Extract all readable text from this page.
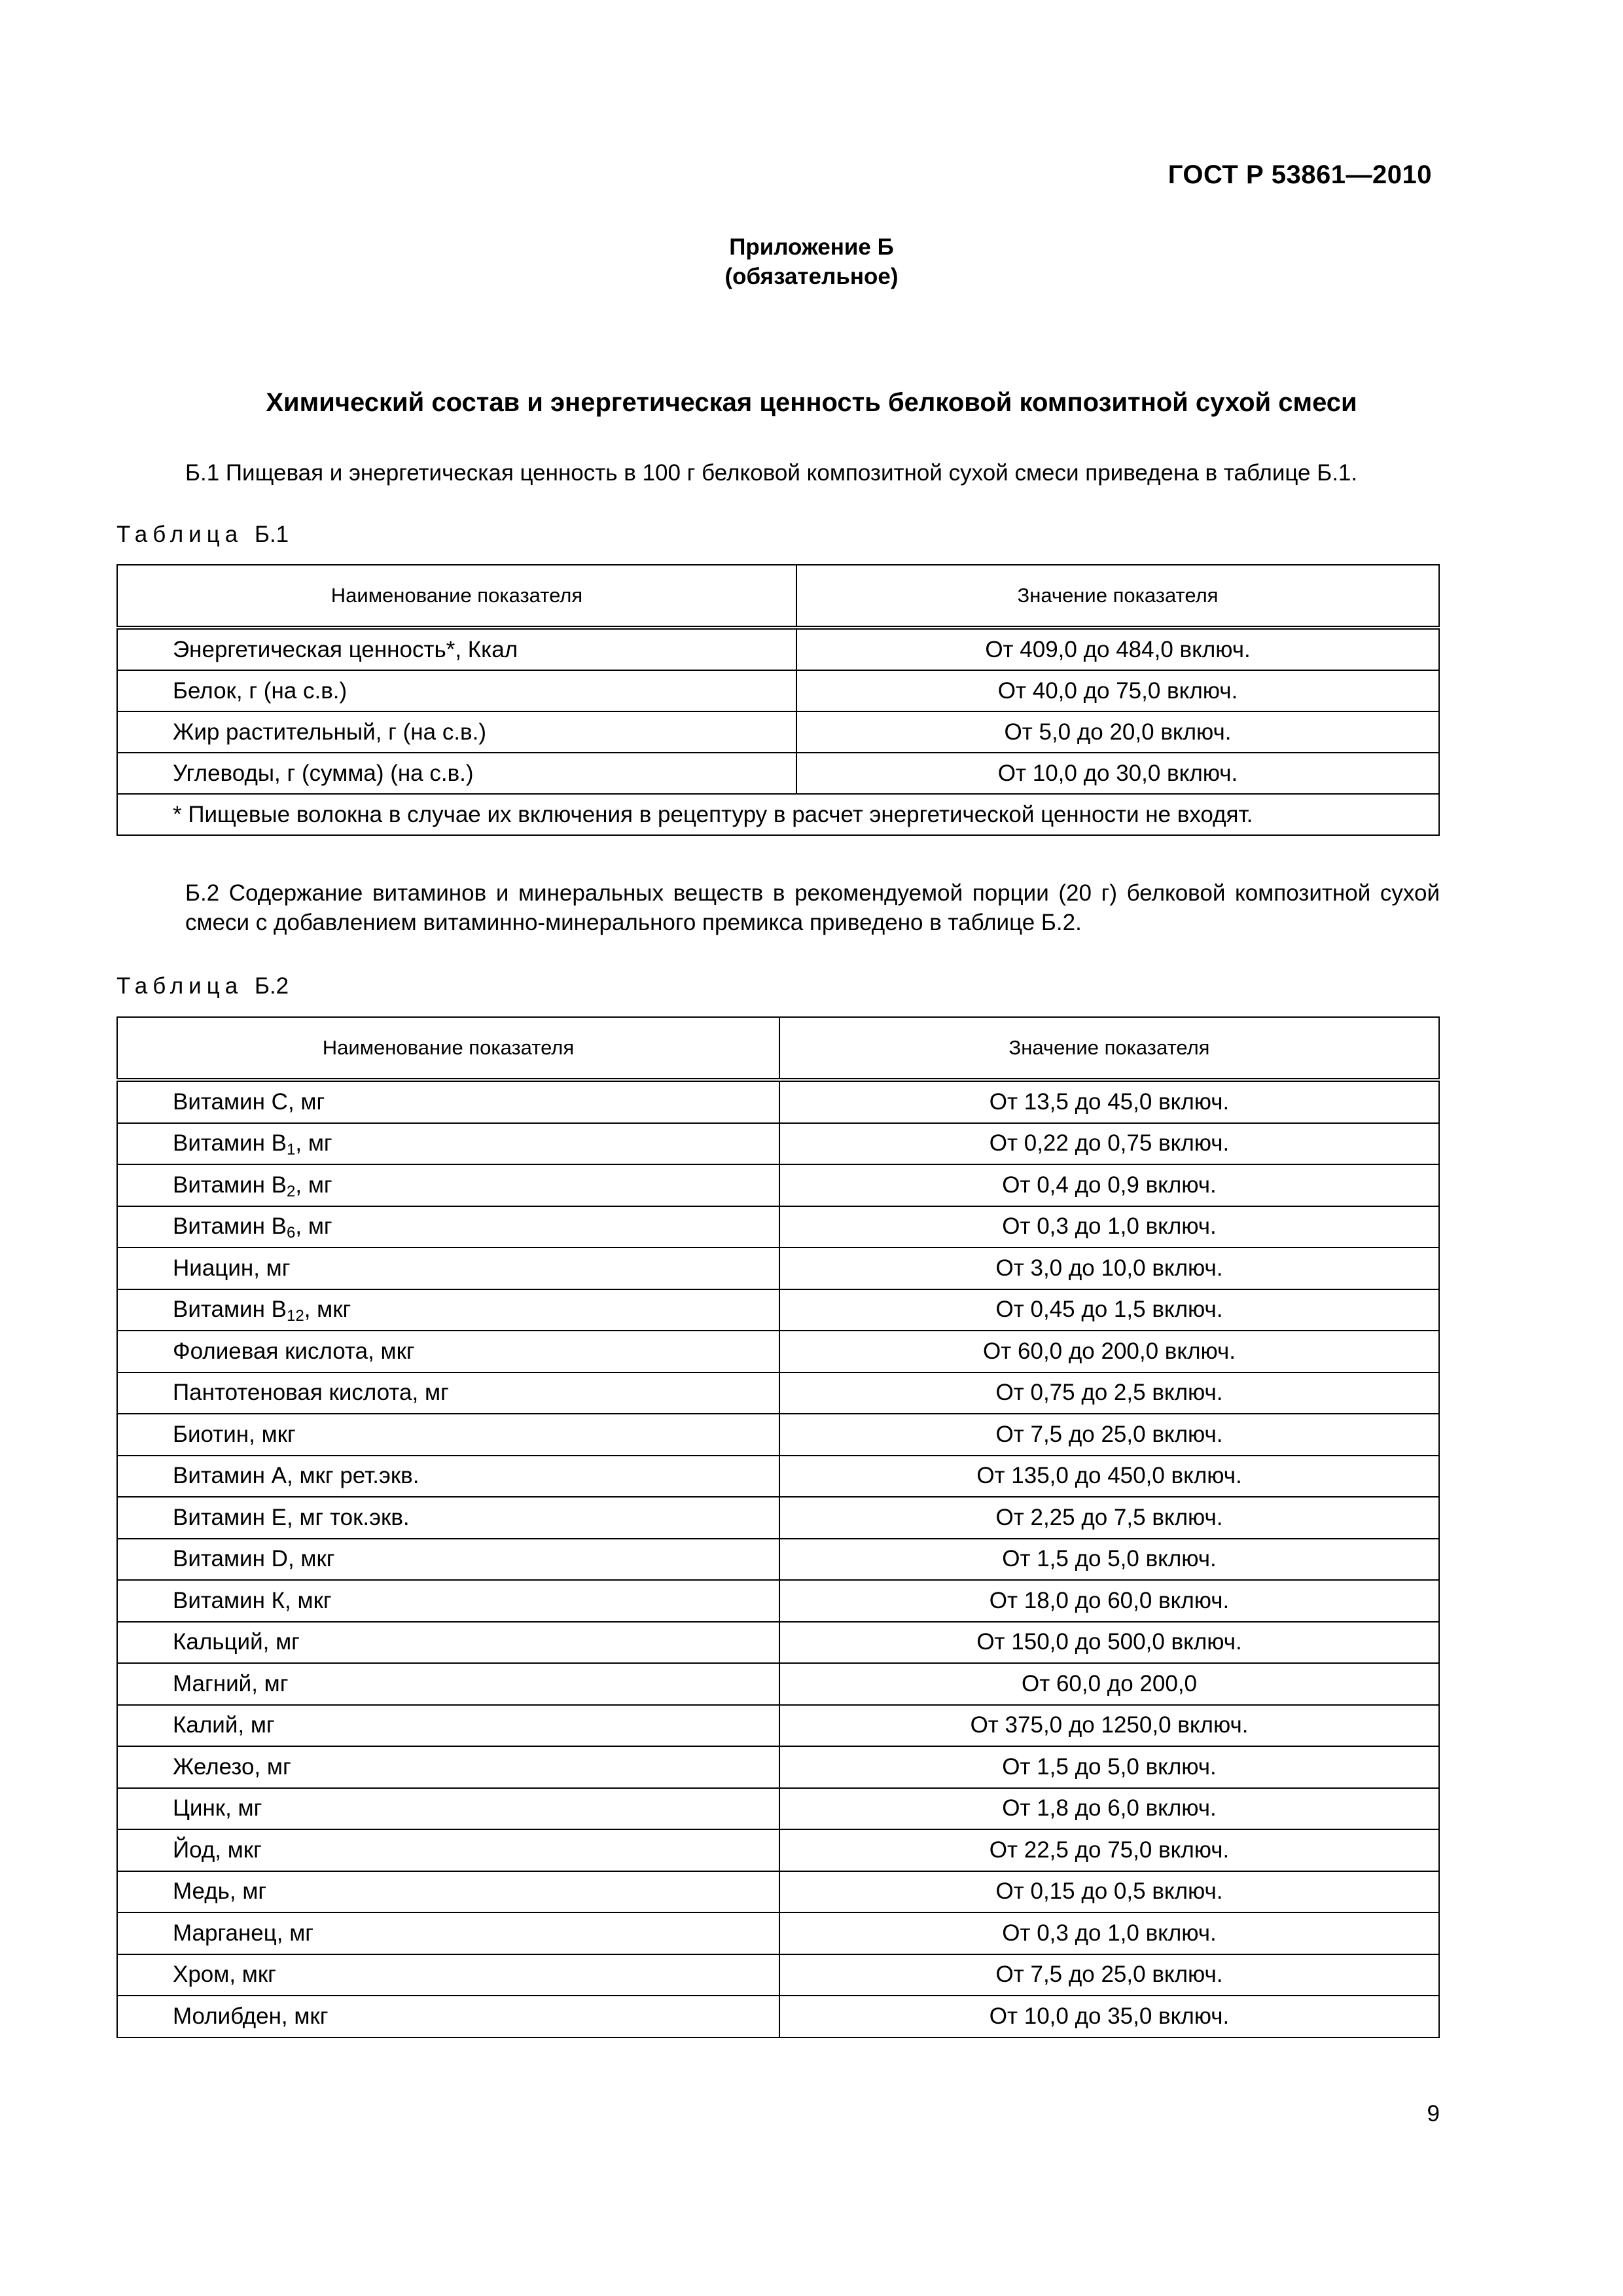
ГОСТ Р 53861—2010
Приложение Б
(обязательное)
Химический состав и энергетическая ценность белковой композитной сухой смеси
Б.1 Пищевая и энергетическая ценность в 100 г белковой композитной сухой смеси приведена в таблице Б.1.
Таблица Б.1
Наименование показателя	Значение показателя
Энергетическая ценность*, Ккал	От 409,0 до 484,0 включ.
Белок, г (на с.в.)	От 40,0 до 75,0 включ.
Жир растительный, г (на с.в.)	От 5,0 до 20,0 включ.
Углеводы, г (сумма) (на с.в.)	От 10,0 до 30,0 включ.
* Пищевые волокна в случае их включения в рецептуру в расчет энергетической ценности не входят.	
Б.2 Содержание витаминов и минеральных веществ в рекомендуемой порции (20 г) белковой композитной сухой смеси с добавлением витаминно-минерального премикса приведено в таблице Б.2.
Таблица Б.2
Наименование показателя	Значение показателя
Витамин С, мг	От 13,5 до 45,0 включ.
Витамин $В_1$, мг	От 0,22 до 0,75 включ.
Витамин $В_2$, мг	От 0,4 до 0,9 включ.
Витамин $В_6$, мг	От 0,3 до 1,0 включ.
Ниацин, мг	От 3,0 до 10,0 включ.
Витамин $В_{12}$, мкг	От 0,45 до 1,5 включ.
Фолиевая кислота, мкг	От 60,0 до 200,0 включ.
Пантотеновая кислота, мг	От 0,75 до 2,5 включ.
Биотин, мкг	От 7,5 до 25,0 включ.
Витамин А, мкг рет.экв.	От 135,0 до 450,0 включ.
Витамин Е, мг ток.экв.	От 2,25 до 7,5 включ.
Витамин D, мкг	От 1,5 до 5,0 включ.
Витамин К, мкг	От 18,0 до 60,0 включ.
Кальций, мг	От 150,0 до 500,0 включ.
Магний, мг	От 60,0 до 200,0
Калий, мг	От 375,0 до 1250,0 включ.
Железо, мг	От 1,5 до 5,0 включ.
Цинк, мг	От 1,8 до 6,0 включ.
Йод, мкг	От 22,5 до 75,0 включ.
Медь, мг	От 0,15 до 0,5 включ.
Марганец, мг	От 0,3 до 1,0 включ.
Хром, мкг	От 7,5 до 25,0 включ.
Молибден, мкг	От 10,0 до 35,0 включ.
9
